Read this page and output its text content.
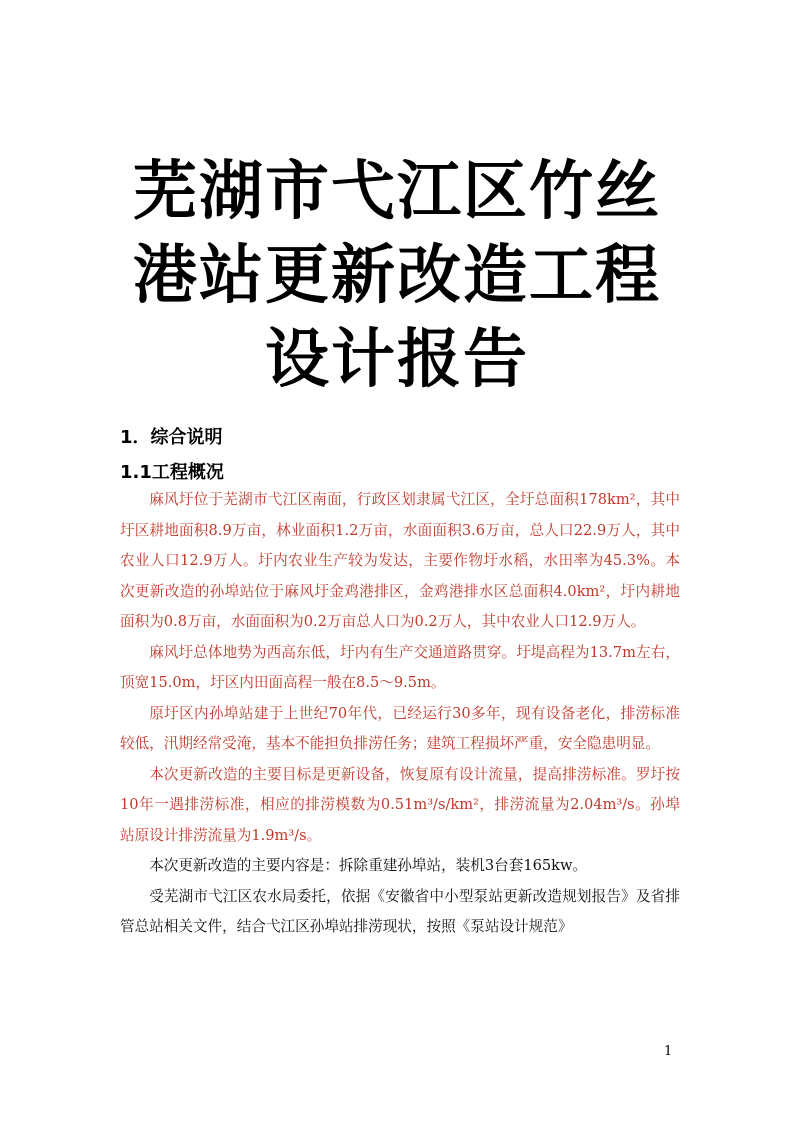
芜湖市弋江区竹丝
港站更新改造工程
设计报告
1．综合说明
1.1工程概况

麻风圩位于芜湖市弋江区南面，行政区划隶属弋江区，全圩总面积178km²，其中圩区耕地面积8.9万亩，林业面积1.2万亩，水面面积3.6万亩，总人口22.9万人，其中农业人口12.9万人。圩内农业生产较为发达，主要作物圩水稻，水田率为45.3%。本次更新改造的孙埠站位于麻风圩金鸡港排区，金鸡港排水区总面积4.0km²，圩内耕地面积为0.8万亩，水面面积为0.2万亩总人口为0.2万人，其中农业人口12.9万人。

麻风圩总体地势为西高东低，圩内有生产交通道路贯穿。圩堤高程为13.7m左右，顶宽15.0m，圩区内田面高程一般在8.5～9.5m。

原圩区内孙埠站建于上世纪70年代，已经运行30多年，现有设备老化，排涝标准较低，汛期经常受淹，基本不能担负排涝任务；建筑工程损坏严重，安全隐患明显。

本次更新改造的主要目标是更新设备，恢复原有设计流量，提高排涝标准。罗圩按10年一遇排涝标准，相应的排涝模数为0.51m³/s/km²，排涝流量为2.04m³/s。孙埠站原设计排涝流量为1.9m³/s。

本次更新改造的主要内容是：拆除重建孙埠站，装机3台套165kw。

受芜湖市弋江区农水局委托，依据《安徽省中小型泵站更新改造规划报告》及省排管总站相关文件，结合弋江区孙埠站排涝现状，按照《泵站设计规范》

1
